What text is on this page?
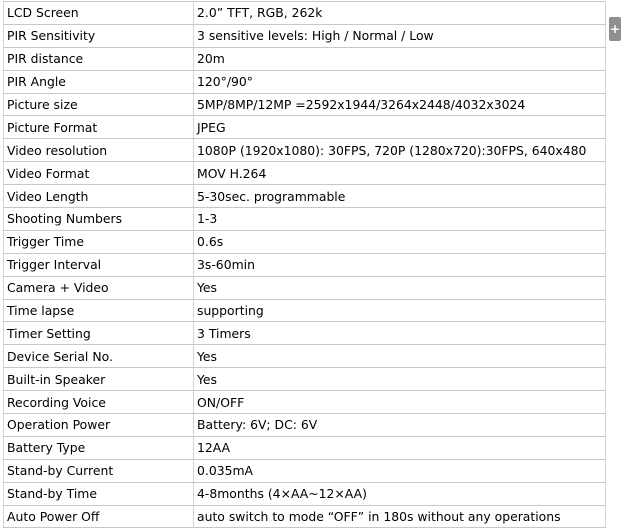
LCD Screen	2.0” TFT, RGB, 262k
PIR Sensitivity	3 sensitive levels: High / Normal / Low
PIR distance	20m
PIR Angle	120°/90°
Picture size	5MP/8MP/12MP =2592x1944/3264x2448/4032x3024
Picture Format	JPEG
Video resolution	1080P (1920x1080): 30FPS, 720P (1280x720):30FPS, 640x480
Video Format	MOV H.264
Video Length	5-30sec. programmable
Shooting Numbers	1-3
Trigger Time	0.6s
Trigger Interval	3s-60min
Camera + Video	Yes
Time lapse	supporting
Timer Setting	3 Timers
Device Serial No.	Yes
Built-in Speaker	Yes
Recording Voice	ON/OFF
Operation Power	Battery: 6V; DC: 6V
Battery Type	12AA
Stand-by Current	0.035mA
Stand-by Time	4-8months (4×AA~12×AA)
Auto Power Off	auto switch to mode “OFF” in 180s without any operations
+
